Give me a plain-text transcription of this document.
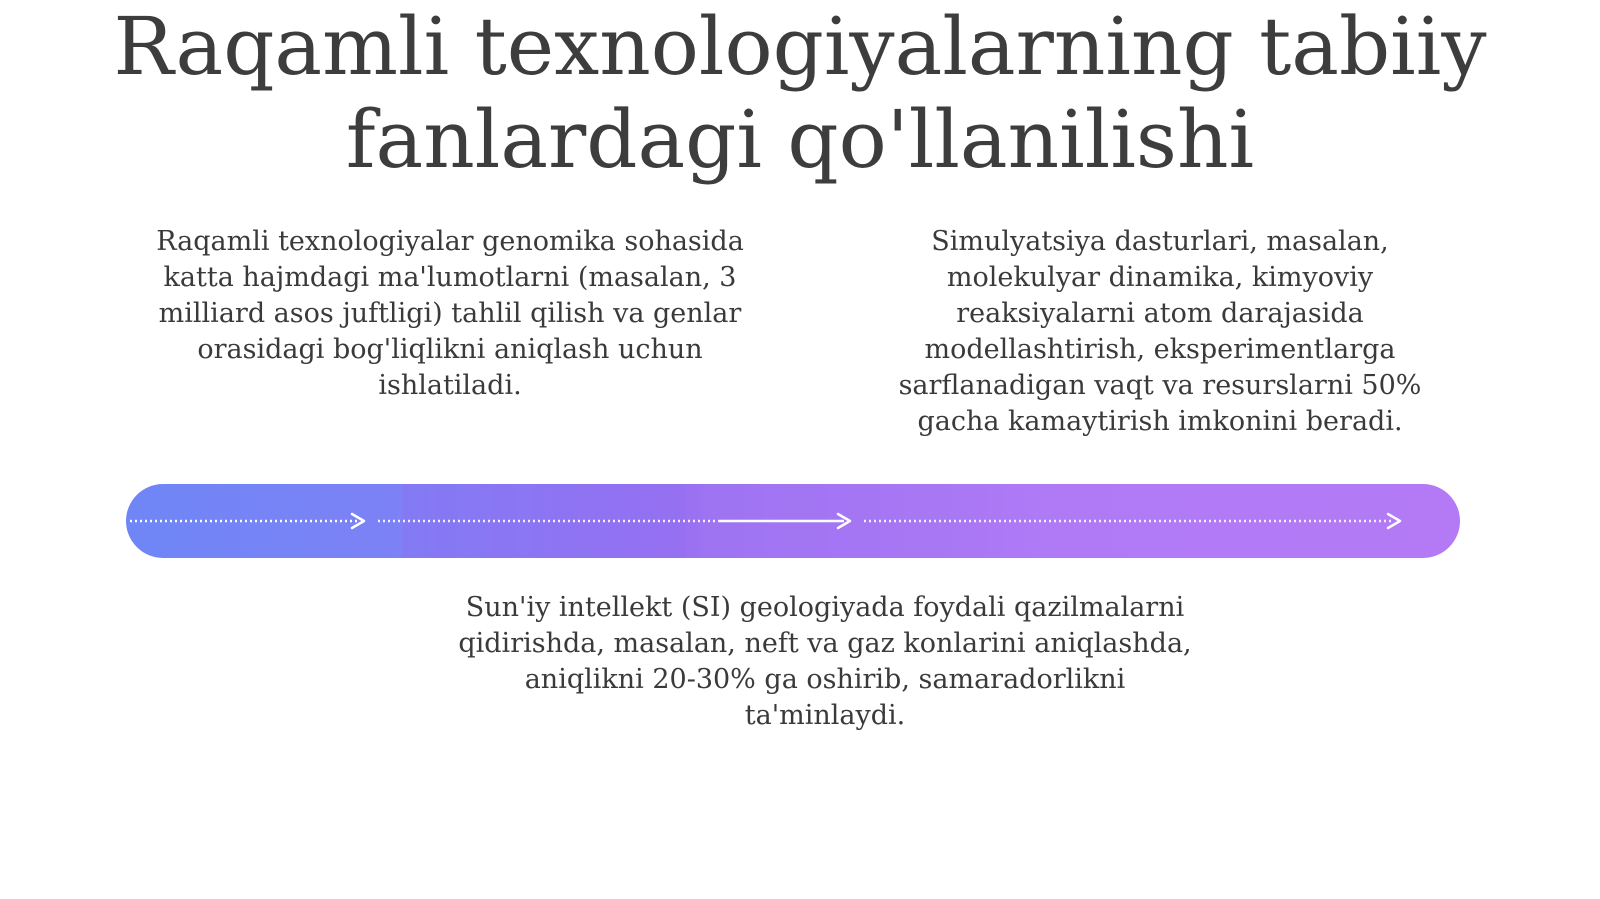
Raqamli texnologiyalarning tabiiy fanlardagi qo'llanilishi

Raqamli texnologiyalar genomika sohasida katta hajmdagi ma'lumotlarni (masalan, 3 milliard asos juftligi) tahlil qilish va genlar orasidagi bog'liqlikni aniqlash uchun ishlatiladi.

Simulyatsiya dasturlari, masalan, molekulyar dinamika, kimyoviy reaksiyalarni atom darajasida modellashtirish, eksperimentlarga sarflanadigan vaqt va resurslarni 50% gacha kamaytirish imkonini beradi.

Sun'iy intellekt (SI) geologiyada foydali qazilmalarni qidirishda, masalan, neft va gaz konlarini aniqlashda, aniqlikni 20-30% ga oshirib, samaradorlikni ta'minlaydi.
